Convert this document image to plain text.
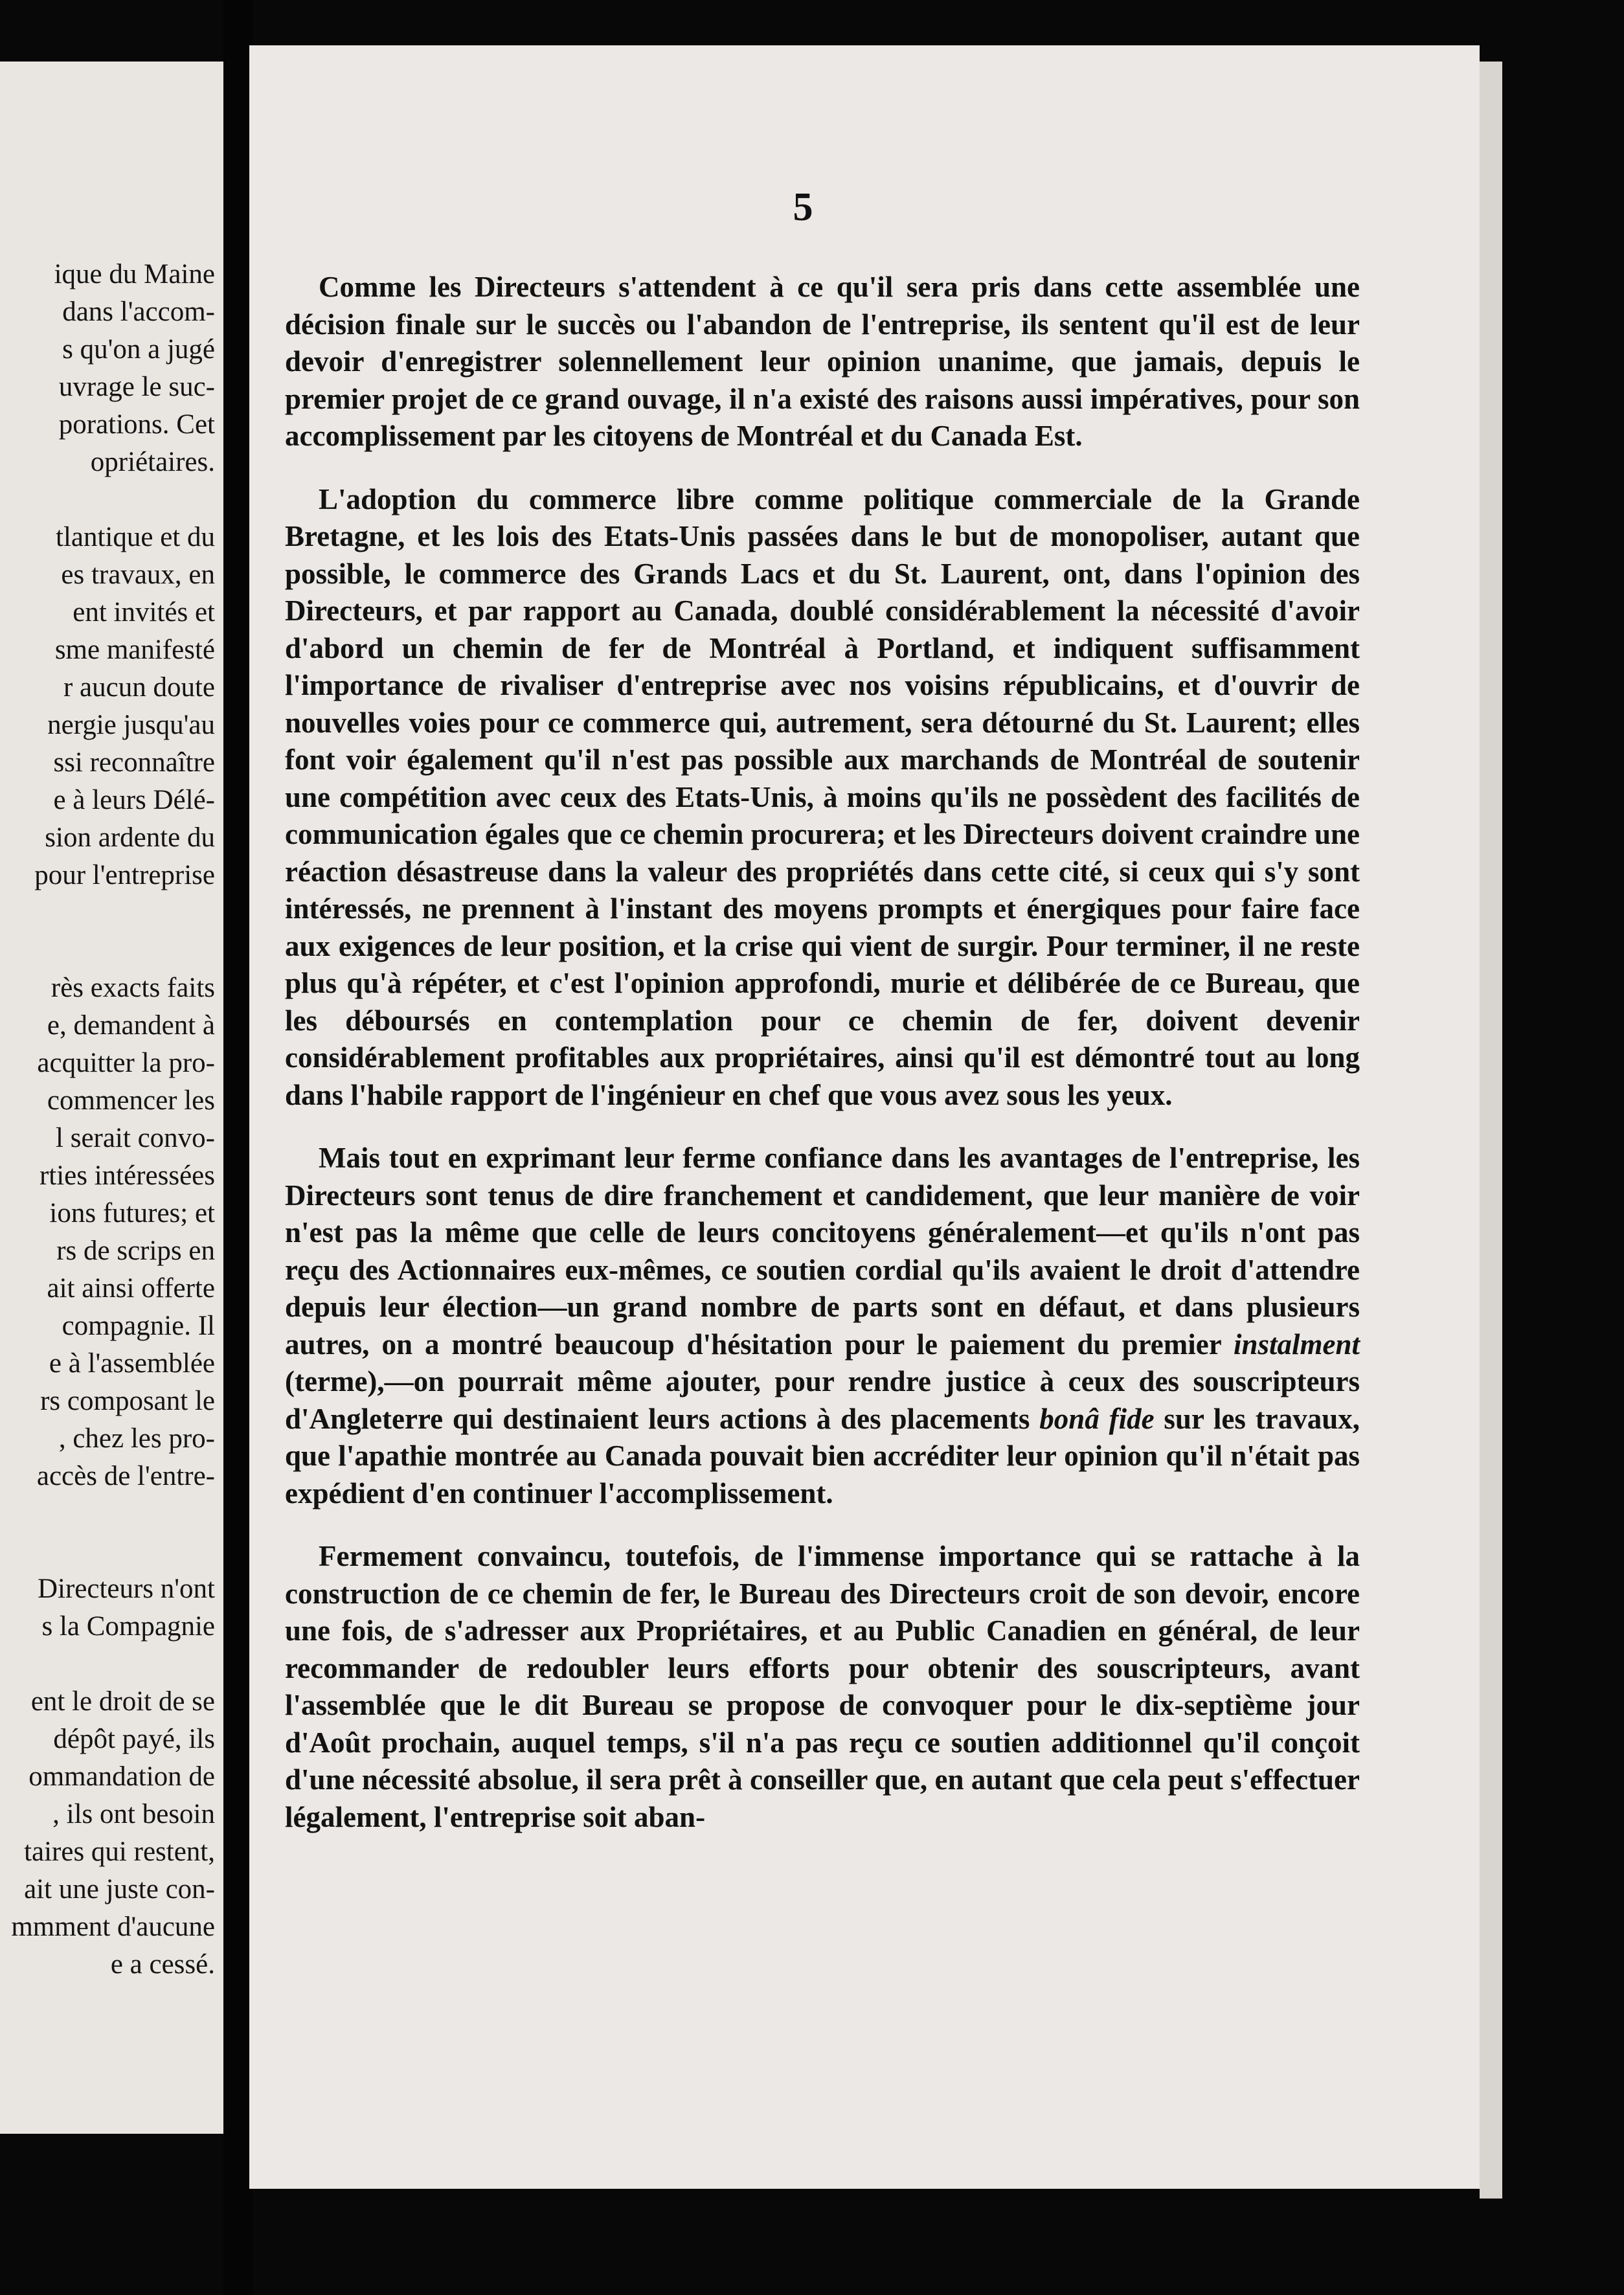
ique du Maine
dans l'accom-
s qu'on a jugé
uvrage le suc-
porations. Cet
opriétaires.
tlantique et du
es travaux, en
ent invités et
sme manifesté
r aucun doute
nergie jusqu'au
ssi reconnaître
e à leurs Délé-
sion ardente du
pour l'entreprise
rès exacts faits
e, demandent à
acquitter la pro-
commencer les
l serait convo-
rties intéressées
ions futures; et
rs de scrips en
ait ainsi offerte
compagnie. Il
e à l'assemblée
rs composant le
, chez les pro-
accès de l'entre-
Directeurs n'ont
s la Compagnie
ent le droit de se
dépôt payé, ils
ommandation de
, ils ont besoin
taires qui restent,
ait une juste con-
mmment d'aucune
e a cessé.
5

Comme les Directeurs s'attendent à ce qu'il sera pris dans cette assemblée une décision finale sur le succès ou l'abandon de l'entreprise, ils sentent qu'il est de leur devoir d'enregistrer solennellement leur opinion unanime, que jamais, depuis le premier projet de ce grand ouvage, il n'a existé des raisons aussi impératives, pour son accomplissement par les citoyens de Montréal et du Canada Est.

L'adoption du commerce libre comme politique commerciale de la Grande Bretagne, et les lois des Etats-Unis passées dans le but de monopoliser, autant que possible, le commerce des Grands Lacs et du St. Laurent, ont, dans l'opinion des Directeurs, et par rapport au Canada, doublé considérablement la nécessité d'avoir d'abord un chemin de fer de Montréal à Portland, et indiquent suffisamment l'importance de rivaliser d'entreprise avec nos voisins républicains, et d'ouvrir de nouvelles voies pour ce commerce qui, autrement, sera détourné du St. Laurent; elles font voir également qu'il n'est pas possible aux marchands de Montréal de soutenir une compétition avec ceux des Etats-Unis, à moins qu'ils ne possèdent des facilités de communication égales que ce chemin procurera; et les Directeurs doivent craindre une réaction désastreuse dans la valeur des propriétés dans cette cité, si ceux qui s'y sont intéressés, ne prennent à l'instant des moyens prompts et énergiques pour faire face aux exigences de leur position, et la crise qui vient de surgir. Pour terminer, il ne reste plus qu'à répéter, et c'est l'opinion approfondi, murie et délibérée de ce Bureau, que les déboursés en contemplation pour ce chemin de fer, doivent devenir considérablement profitables aux propriétaires, ainsi qu'il est démontré tout au long dans l'habile rapport de l'ingénieur en chef que vous avez sous les yeux.

Mais tout en exprimant leur ferme confiance dans les avantages de l'entreprise, les Directeurs sont tenus de dire franchement et candidement, que leur manière de voir n'est pas la même que celle de leurs concitoyens généralement—et qu'ils n'ont pas reçu des Actionnaires eux-mêmes, ce soutien cordial qu'ils avaient le droit d'attendre depuis leur élection—un grand nombre de parts sont en défaut, et dans plusieurs autres, on a montré beaucoup d'hésitation pour le paiement du premier instalment (terme),—on pourrait même ajouter, pour rendre justice à ceux des souscripteurs d'Angleterre qui destinaient leurs actions à des placements bonâ fide sur les travaux, que l'apathie montrée au Canada pouvait bien accréditer leur opinion qu'il n'était pas expédient d'en continuer l'accomplissement.

Fermement convaincu, toutefois, de l'immense importance qui se rattache à la construction de ce chemin de fer, le Bureau des Directeurs croit de son devoir, encore une fois, de s'adresser aux Propriétaires, et au Public Canadien en général, de leur recommander de redoubler leurs efforts pour obtenir des souscripteurs, avant l'assemblée que le dit Bureau se propose de convoquer pour le dix-septième jour d'Août prochain, auquel temps, s'il n'a pas reçu ce soutien additionnel qu'il conçoit d'une nécessité absolue, il sera prêt à conseiller que, en autant que cela peut s'effectuer légalement, l'entreprise soit aban-
